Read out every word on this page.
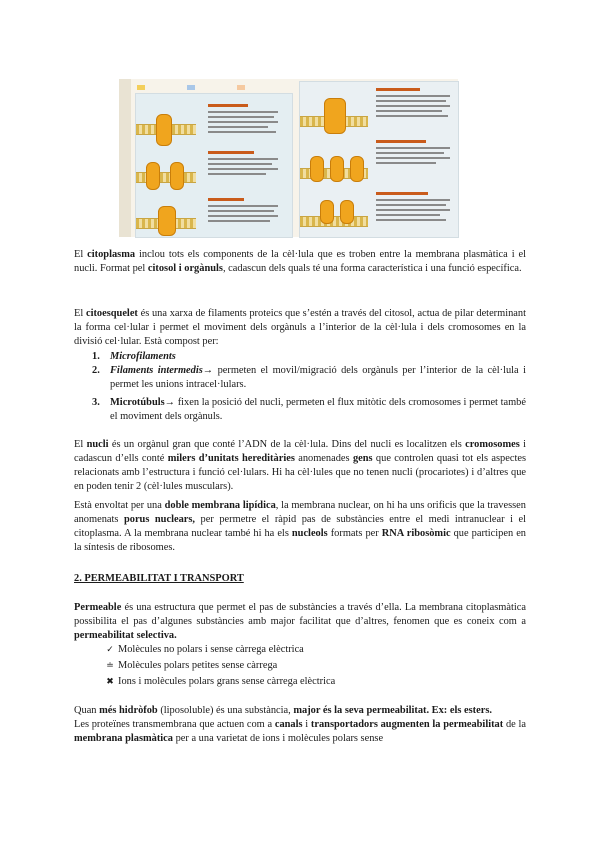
El citoplasma inclou tots els components de la cèl·lula que es troben entre la membrana plasmàtica i el nucli. Format pel citosol i orgànuls, cadascun dels quals té una forma característica i una funció específica.

El citoesquelet és una xarxa de filaments proteics que s’estén a través del citosol, actua de pilar determinant la forma cel·lular i permet el moviment dels orgànuls a l’interior de la cèl·lula i dels cromosomes en la divisió cel·lular. Està compost per:

1. Microfilaments
2. Filaments intermedis→ permeten el movil/migració dels orgànuls per l’interior de la cèl·lula i permet les unions intracel·lulars.

3. Microtúbuls→ fixen la posició del nucli, permeten el flux mitòtic dels cromosomes i permet també el moviment dels orgànuls.

El nucli és un orgànul gran que conté l’ADN de la cèl·lula. Dins del nucli es localitzen els cromosomes i cadascun d’ells conté milers d’unitats hereditàries anomenades gens que controlen quasi tot els aspectes relacionats amb l’estructura i funció cel·lulars. Hi ha cèl·lules que no tenen nucli (procariotes) i d’altres que en poden tenir 2 (cèl·lules musculars).

Està envoltat per una doble membrana lipídica, la membrana nuclear, on hi ha uns orificis que la travessen anomenats porus nuclears, per permetre el ràpid pas de substàncies entre el medi intranuclear i el citoplasma. A la membrana nuclear també hi ha els nucleols formats per RNA ribosòmic que participen en la síntesis de ribosomes.

2. PERMEABILITAT I TRANSPORT

Permeable és una estructura que permet el pas de substàncies a través d’ella. La membrana citoplasmàtica possibilita el pas d’algunes substàncies amb major facilitat que d’altres, fenomen que es coneix com a permeabilitat selectiva.

✓ Molècules no polars i sense càrrega elèctrica
≐ Molècules polars petites sense càrrega
✖ Ions i molècules polars grans sense càrrega elèctrica

Quan més hidròfob (liposoluble) és una substància, major és la seva permeabilitat. Ex: els esters.

Les proteïnes transmembrana que actuen com a canals i transportadors augmenten la permeabilitat de la membrana plasmàtica per a una varietat de ions i molècules polars sense
